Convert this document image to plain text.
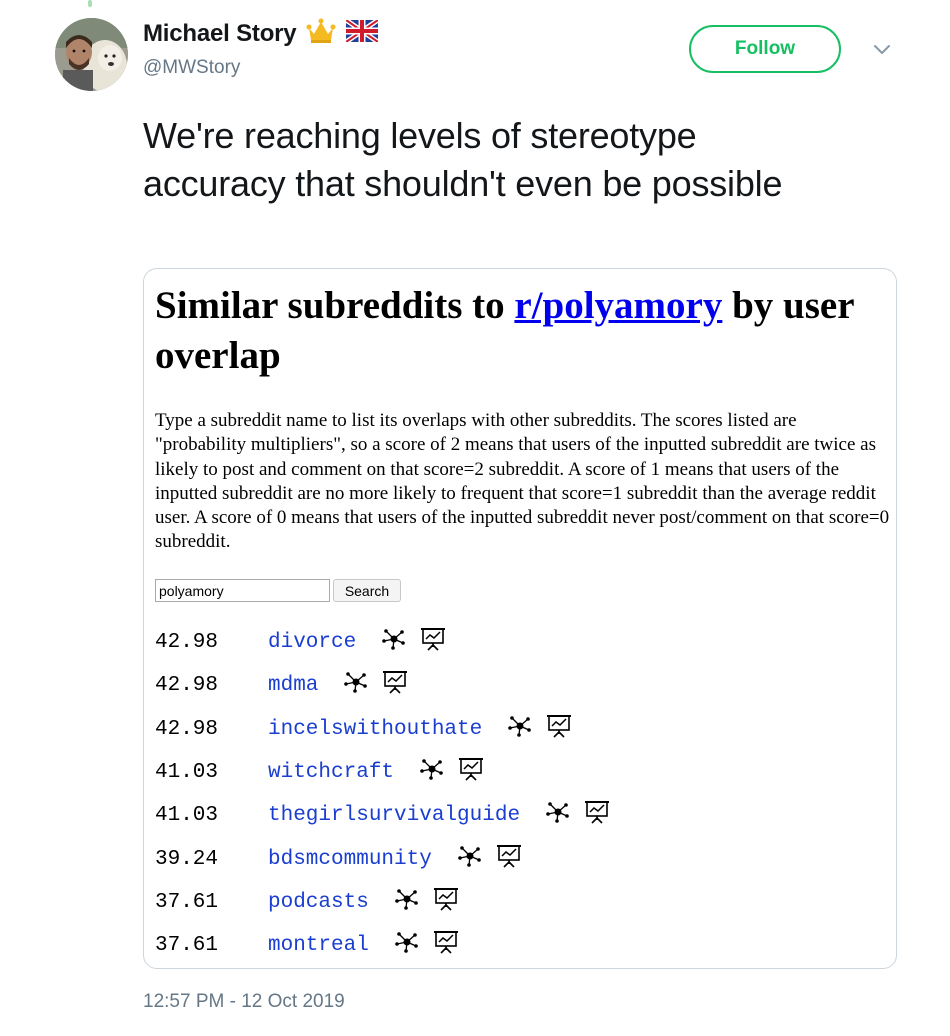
Michael Story
@MWStory
Follow
We're reaching levels of stereotype accuracy that shouldn't even be possible
Similar subreddits to r/polyamory by user overlap

Type a subreddit name to list its overlaps with other subreddits. The scores listed are "probability multipliers", so a score of 2 means that users of the inputted subreddit are twice as likely to post and comment on that score=2 subreddit. A score of 1 means that users of the inputted subreddit are no more likely to frequent that score=1 subreddit than the average reddit user. A score of 0 means that users of the inputted subreddit never post/comment on that score=0 subreddit.

polyamory
Search
42.98	divorce
42.98	mdma
42.98	incelswithouthate
41.03	witchcraft
41.03	thegirlsurvivalguide
39.24	bdsmcommunity
37.61	podcasts
37.61	montreal
12:57 PM - 12 Oct 2019
